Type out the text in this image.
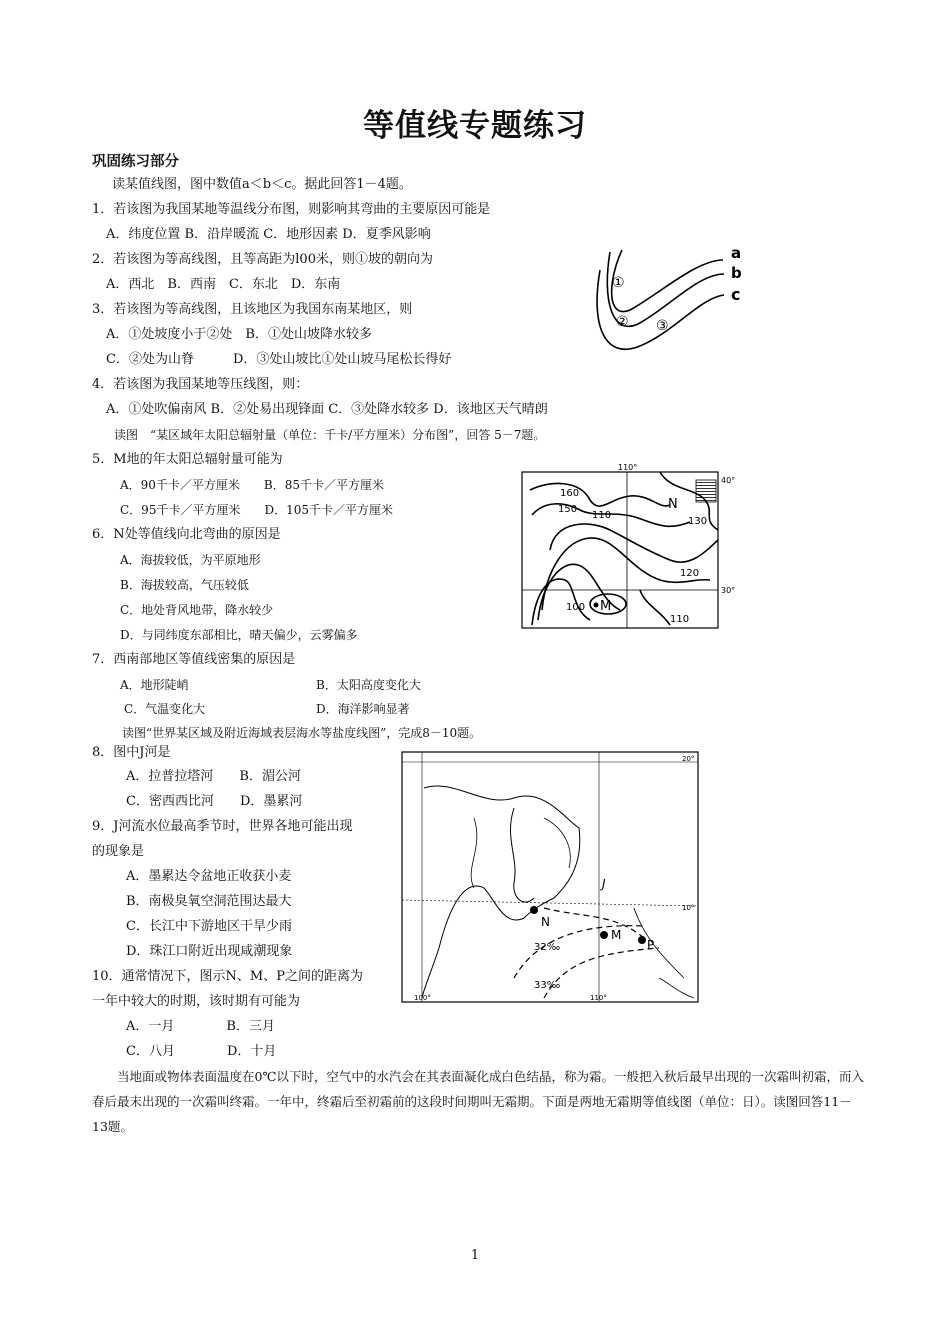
等值线专题练习
巩固练习部分
读某值线图，图中数值a＜b＜c。据此回答1－4题。
1．若该图为我国某地等温线分布图，则影响其弯曲的主要原因可能是
A．纬度位置 B．沿岸暖流 C．地形因素 D．夏季风影响
2．若该图为等高线图，且等高距为l00米，则①坡的朝向为
A．西北　B．西南　C．东北　D．东南
3．若该图为等高线图，且该地区为我国东南某地区，则
A．①处坡度小于②处　B．①处山坡降水较多
C．②处为山脊　　　D．③处山坡比①处山坡马尾松长得好
4．若该图为我国某地等压线图，则：
A．①处吹偏南风 B．②处易出现锋面 C．③处降水较多 D．该地区天气晴朗
读图　“某区域年太阳总辐射量（单位：千卡/平方厘米）分布图”，回答 5－7题。
5．M地的年太阳总辐射量可能为
A．90千卡／平方厘米　　B．85千卡／平方厘米
C．95千卡／平方厘米　　D．105千卡／平方厘米
6．N处等值线向北弯曲的原因是
A．海拔较低，为平原地形
B．海拔较高，气压较低
C．地处背风地带，降水较少
D．与同纬度东部相比，晴天偏少，云雾偏多
7．西南部地区等值线密集的原因是
A．地形陡峭	B．太阳高度变化大
C．气温变化大	D．海洋影响显著
读图“世界某区域及附近海域表层海水等盐度线图”，完成8－10题。
8．图中J河是
A．拉普拉塔河　　B．湄公河
C．密西西比河　　D．墨累河
9．J河流水位最高季节时，世界各地可能出现
的现象是
A．墨累达令盆地正收获小麦
B．南极臭氧空洞范围达最大
C．长江中下游地区干旱少雨
D．珠江口附近出现咸潮现象
10．通常情况下，图示N、M、P之间的距离为
一年中较大的时期，该时期有可能为
A．一月　　　　B．三月
C．八月　　　　D．十月
当地面或物体表面温度在0℃以下时，空气中的水汽会在其表面凝化成白色结晶，称为霜。一般把入秋后最早出现的一次霜叫初霜，而入春后最末出现的一次霜叫终霜。一年中，终霜后至初霜前的这段时间期叫无霜期。下面是两地无霜期等值线图（单位：日）。读图回答11－13题。
a
b
c
①
② ③
110°
40°
30°
160
150
110
130
120
100
110
N
M
20°
10°
100°	110°
J
N
M
P
32‰
33‰
1
